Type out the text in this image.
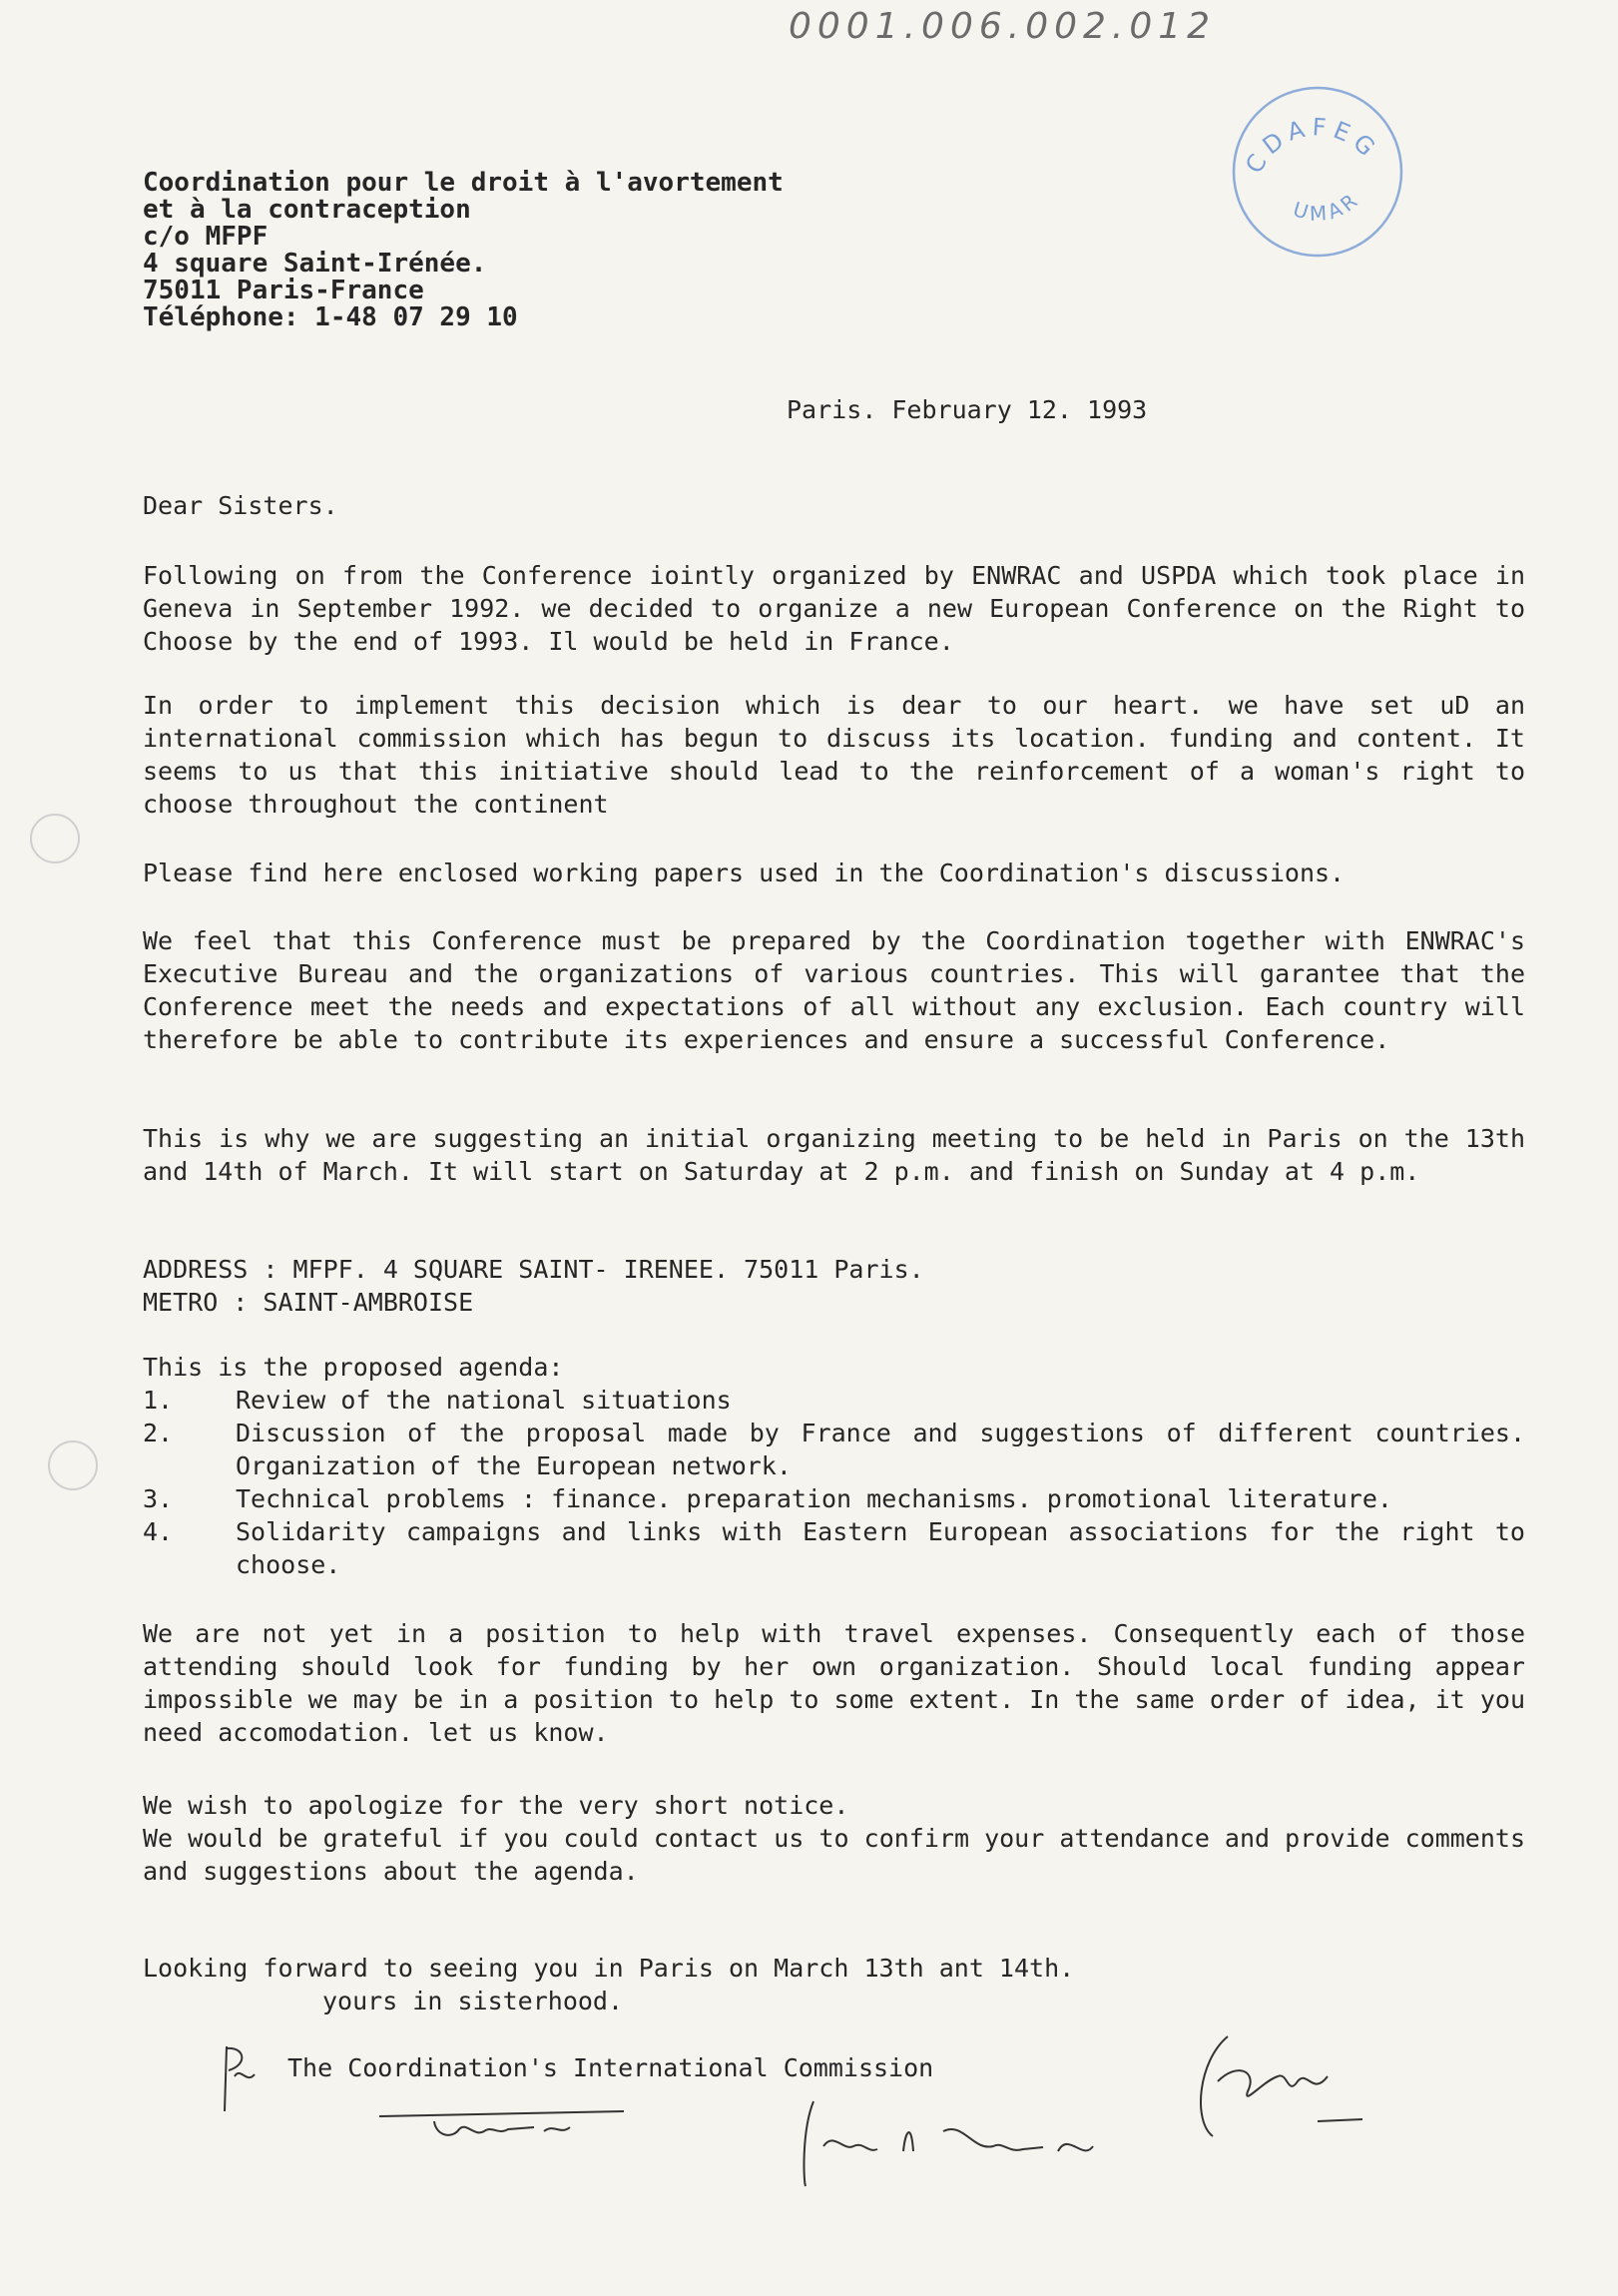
0001.006.002.012
CDAFEG
UMAR
Coordination pour le droit à l'avortement
et à la contraception
c/o MFPF
4 square Saint-Irénée.
75011 Paris-France
Téléphone: 1-48 07 29 10
Paris. February 12. 1993
Dear Sisters.
Following on from the Conference iointly organized by ENWRAC and USPDA which took place in Geneva in September 1992. we decided to organize a new European Conference on the Right to Choose by the end of 1993. Il would be held in France.
In order to implement this decision which is dear to our heart. we have set uD an international commission which has begun to discuss its location. funding and content. It seems to us that this initiative should lead to the reinforcement of a woman's right to choose throughout the continent
Please find here enclosed working papers used in the Coordination's discussions.
We feel that this Conference must be prepared by the Coordination together with ENWRAC's Executive Bureau and the organizations of various countries. This will garantee that the Conference meet the needs and expectations of all without any exclusion. Each country will therefore be able to contribute its experiences and ensure a successful Conference.
This is why we are suggesting an initial organizing meeting to be held in Paris on the 13th and 14th of March. It will start on Saturday at 2 p.m. and finish on Sunday at 4 p.m.
ADDRESS : MFPF. 4 SQUARE SAINT- IRENEE. 75011 Paris.
METRO : SAINT-AMBROISE
This is the proposed agenda:
1.	Review of the national situations
2.	Discussion of the proposal made by France and suggestions of different countries. Organization of the European network.
3.	Technical problems : finance. preparation mechanisms. promotional literature.
4.	Solidarity campaigns and links with Eastern European associations for the right to choose.
We are not yet in a position to help with travel expenses. Consequently each of those attending should look for funding by her own organization. Should local funding appear impossible we may be in a position to help to some extent. In the same order of idea, it you need accomodation. let us know.
We wish to apologize for the very short notice.
We would be grateful if you could contact us to confirm your attendance and provide comments and suggestions about the agenda.
Looking forward to seeing you in Paris on March 13th ant 14th.
yours in sisterhood.
The Coordination's International Commission
